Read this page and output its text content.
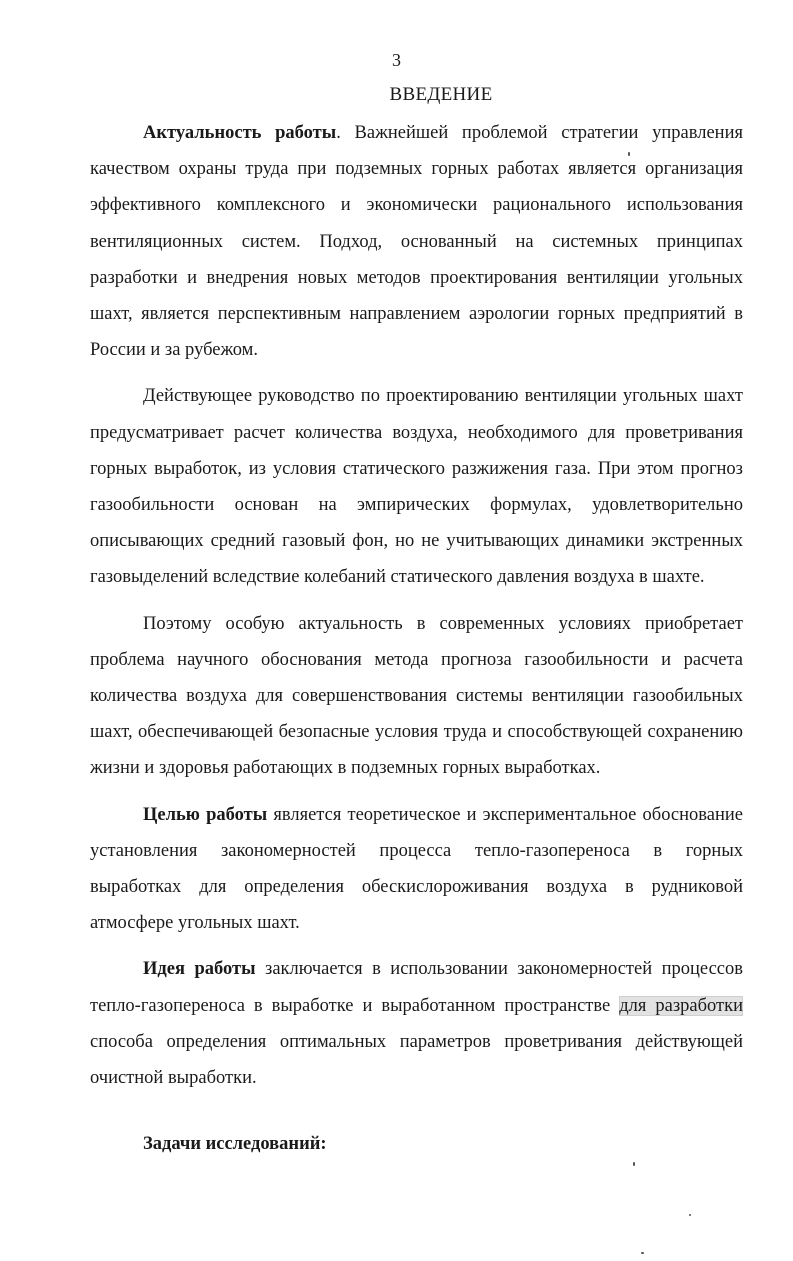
3
ВВЕДЕНИЕ

Актуальность работы. Важнейшей проблемой стратегии управления качеством охраны труда при подземных горных работах является организация эффективного комплексного и экономически рационального использования вентиляционных систем. Подход, основанный на системных принципах разработки и внедрения новых методов проектирования вентиляции угольных шахт, является перспективным направлением аэрологии горных предприятий в России и за рубежом.

Действующее руководство по проектированию вентиляции угольных шахт предусматривает расчет количества воздуха, необходимого для проветривания горных выработок, из условия статического разжижения газа. При этом прогноз газообильности основан на эмпирических формулах, удовлетворительно описывающих средний газовый фон, но не учитывающих динамики экстренных газовыделений вследствие колебаний статического давления воздуха в шахте.

Поэтому особую актуальность в современных условиях приобретает проблема научного обоснования метода прогноза газообильности и расчета количества воздуха для совершенствования системы вентиляции газообильных шахт, обеспечивающей безопасные условия труда и способствующей сохранению жизни и здоровья работающих в подземных горных выработках.

Целью работы является теоретическое и экспериментальное обоснование установления закономерностей процесса тепло-газопереноса в горных выработках для определения обескислороживания воздуха в рудниковой атмосфере угольных шахт.

Идея работы заключается в использовании закономерностей процессов тепло-газопереноса в выработке и выработанном пространстве для разработки способа определения оптимальных параметров проветривания действующей очистной выработки.

Задачи исследований:
